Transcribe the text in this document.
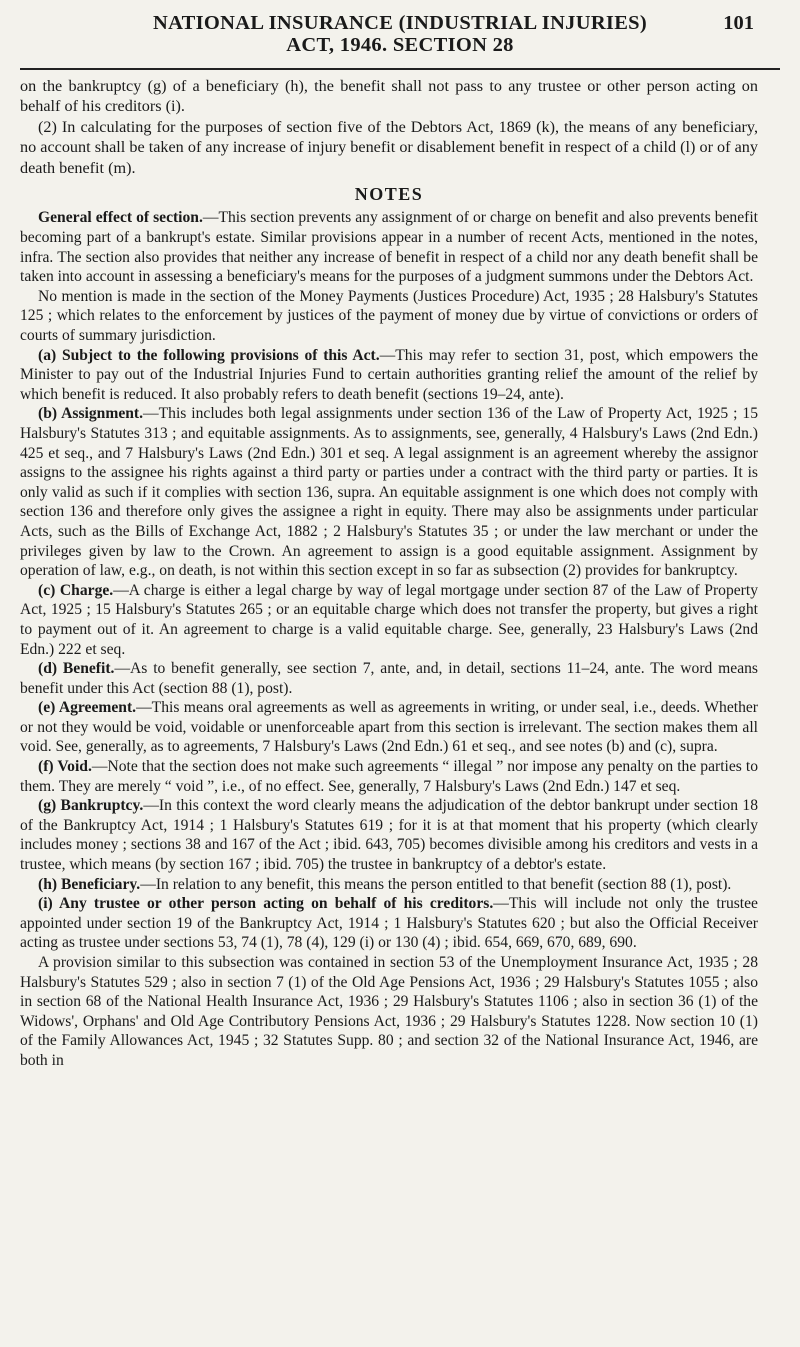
NATIONAL INSURANCE (INDUSTRIAL INJURIES)
ACT, 1946. SECTION 28
101

on the bankruptcy (g) of a beneficiary (h), the benefit shall not pass to any trustee or other person acting on behalf of his creditors (i).

(2) In calculating for the purposes of section five of the Debtors Act, 1869 (k), the means of any beneficiary, no account shall be taken of any increase of injury benefit or disablement benefit in respect of a child (l) or of any death benefit (m).

NOTES

General effect of section.—This section prevents any assignment of or charge on benefit and also prevents benefit becoming part of a bankrupt's estate. Similar provisions appear in a number of recent Acts, mentioned in the notes, infra. The section also provides that neither any increase of benefit in respect of a child nor any death benefit shall be taken into account in assessing a beneficiary's means for the purposes of a judgment summons under the Debtors Act.

No mention is made in the section of the Money Payments (Justices Procedure) Act, 1935 ; 28 Halsbury's Statutes 125 ; which relates to the enforcement by justices of the payment of money due by virtue of convictions or orders of courts of summary jurisdiction.

(a) Subject to the following provisions of this Act.—This may refer to section 31, post, which empowers the Minister to pay out of the Industrial Injuries Fund to certain authorities granting relief the amount of the relief by which benefit is reduced. It also probably refers to death benefit (sections 19–24, ante).

(b) Assignment.—This includes both legal assignments under section 136 of the Law of Property Act, 1925 ; 15 Halsbury's Statutes 313 ; and equitable assignments. As to assignments, see, generally, 4 Halsbury's Laws (2nd Edn.) 425 et seq., and 7 Halsbury's Laws (2nd Edn.) 301 et seq. A legal assignment is an agreement whereby the assignor assigns to the assignee his rights against a third party or parties under a contract with the third party or parties. It is only valid as such if it complies with section 136, supra. An equitable assignment is one which does not comply with section 136 and therefore only gives the assignee a right in equity. There may also be assignments under particular Acts, such as the Bills of Exchange Act, 1882 ; 2 Halsbury's Statutes 35 ; or under the law merchant or under the privileges given by law to the Crown. An agreement to assign is a good equitable assignment. Assignment by operation of law, e.g., on death, is not within this section except in so far as subsection (2) provides for bankruptcy.

(c) Charge.—A charge is either a legal charge by way of legal mortgage under section 87 of the Law of Property Act, 1925 ; 15 Halsbury's Statutes 265 ; or an equitable charge which does not transfer the property, but gives a right to payment out of it. An agreement to charge is a valid equitable charge. See, generally, 23 Halsbury's Laws (2nd Edn.) 222 et seq.

(d) Benefit.—As to benefit generally, see section 7, ante, and, in detail, sections 11–24, ante. The word means benefit under this Act (section 88 (1), post).

(e) Agreement.—This means oral agreements as well as agreements in writing, or under seal, i.e., deeds. Whether or not they would be void, voidable or unenforceable apart from this section is irrelevant. The section makes them all void. See, generally, as to agreements, 7 Halsbury's Laws (2nd Edn.) 61 et seq., and see notes (b) and (c), supra.

(f) Void.—Note that the section does not make such agreements “ illegal ” nor impose any penalty on the parties to them. They are merely “ void ”, i.e., of no effect. See, generally, 7 Halsbury's Laws (2nd Edn.) 147 et seq.

(g) Bankruptcy.—In this context the word clearly means the adjudication of the debtor bankrupt under section 18 of the Bankruptcy Act, 1914 ; 1 Halsbury's Statutes 619 ; for it is at that moment that his property (which clearly includes money ; sections 38 and 167 of the Act ; ibid. 643, 705) becomes divisible among his creditors and vests in a trustee, which means (by section 167 ; ibid. 705) the trustee in bankruptcy of a debtor's estate.

(h) Beneficiary.—In relation to any benefit, this means the person entitled to that benefit (section 88 (1), post).

(i) Any trustee or other person acting on behalf of his creditors.—This will include not only the trustee appointed under section 19 of the Bankruptcy Act, 1914 ; 1 Halsbury's Statutes 620 ; but also the Official Receiver acting as trustee under sections 53, 74 (1), 78 (4), 129 (i) or 130 (4) ; ibid. 654, 669, 670, 689, 690.

A provision similar to this subsection was contained in section 53 of the Unemployment Insurance Act, 1935 ; 28 Halsbury's Statutes 529 ; also in section 7 (1) of the Old Age Pensions Act, 1936 ; 29 Halsbury's Statutes 1055 ; also in section 68 of the National Health Insurance Act, 1936 ; 29 Halsbury's Statutes 1106 ; also in section 36 (1) of the Widows', Orphans' and Old Age Contributory Pensions Act, 1936 ; 29 Halsbury's Statutes 1228. Now section 10 (1) of the Family Allowances Act, 1945 ; 32 Statutes Supp. 80 ; and section 32 of the National Insurance Act, 1946, are both in
